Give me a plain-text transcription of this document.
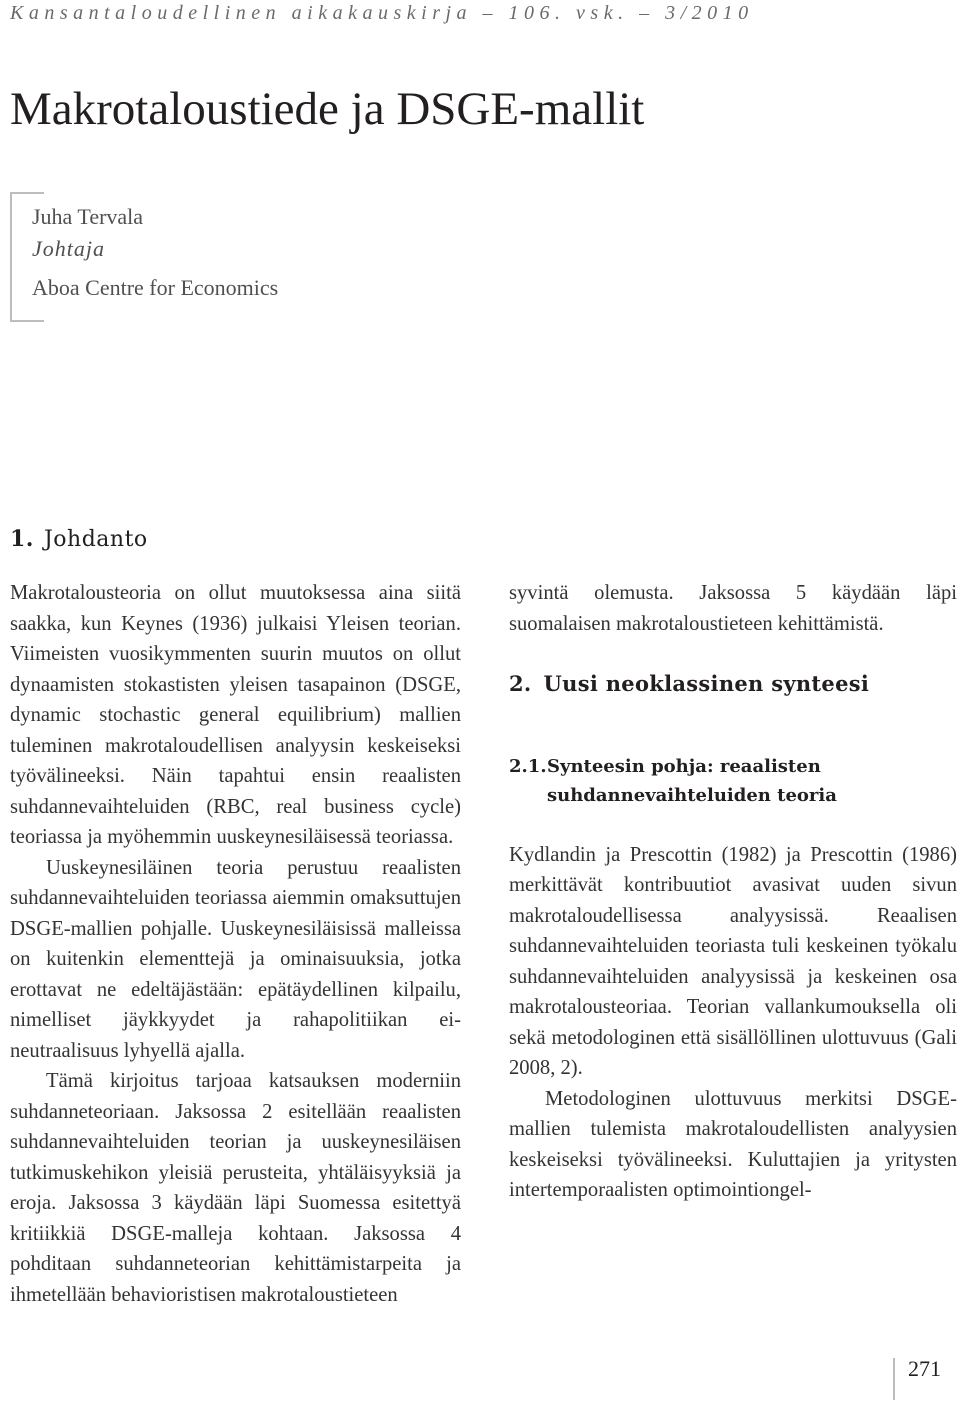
Kansantaloudellinen aikakauskirja – 106. vsk. – 3/2010
Makrotaloustiede ja DSGE-mallit
Juha Tervala
Johtaja
Aboa Centre for Economics
1. Johdanto

Makrotalousteoria on ollut muutoksessa aina siitä saakka, kun Keynes (1936) julkaisi Yleisen teorian. Viimeisten vuosikymmenten suurin muutos on ollut dynaamisten stokastisten yleisen tasapainon (DSGE, dynamic stochastic general equilibrium) mallien tuleminen makrotaloudellisen analyysin keskeiseksi työvälineeksi. Näin tapahtui ensin reaalisten suhdannevaihteluiden (RBC, real business cycle) teoriassa ja myöhemmin uuskeynesiläisessä teoriassa.

Uuskeynesiläinen teoria perustuu reaalisten suhdannevaihteluiden teoriassa aiemmin omaksuttujen DSGE-mallien pohjalle. Uuskeynesiläisissä malleissa on kuitenkin elementtejä ja ominaisuuksia, jotka erottavat ne edeltäjästään: epätäydellinen kilpailu, nimelliset jäykkyydet ja rahapolitiikan ei-neutraalisuus lyhyellä ajalla.

Tämä kirjoitus tarjoaa katsauksen moderniin suhdanneteoriaan. Jaksossa 2 esitellään reaalisten suhdannevaihteluiden teorian ja uuskeynesiläisen tutkimuskehikon yleisiä perusteita, yhtäläisyyksiä ja eroja. Jaksossa 3 käydään läpi Suomessa esitettyä kritiikkiä DSGE-malleja kohtaan. Jaksossa 4 pohditaan suhdanneteorian kehittämistarpeita ja ihmetellään behavioristisen makrotaloustieteen

syvintä olemusta. Jaksossa 5 käydään läpi suomalaisen makrotaloustieteen kehittämistä.

2. Uusi neoklassinen synteesi
2.1. Synteesin pohja: reaalisten suhdannevaihteluiden teoria

Kydlandin ja Prescottin (1982) ja Prescottin (1986) merkittävät kontribuutiot avasivat uuden sivun makrotaloudellisessa analyysissä. Reaalisen suhdannevaihteluiden teoriasta tuli keskeinen työkalu suhdannevaihteluiden analyysissä ja keskeinen osa makrotalousteoriaa. Teorian vallankumouksella oli sekä metodologinen että sisällöllinen ulottuvuus (Gali 2008, 2).

Metodologinen ulottuvuus merkitsi DSGE-mallien tulemista makrotaloudellisten analyysien keskeiseksi työvälineeksi. Kuluttajien ja yritysten intertemporaalisten optimointiongel-

271
